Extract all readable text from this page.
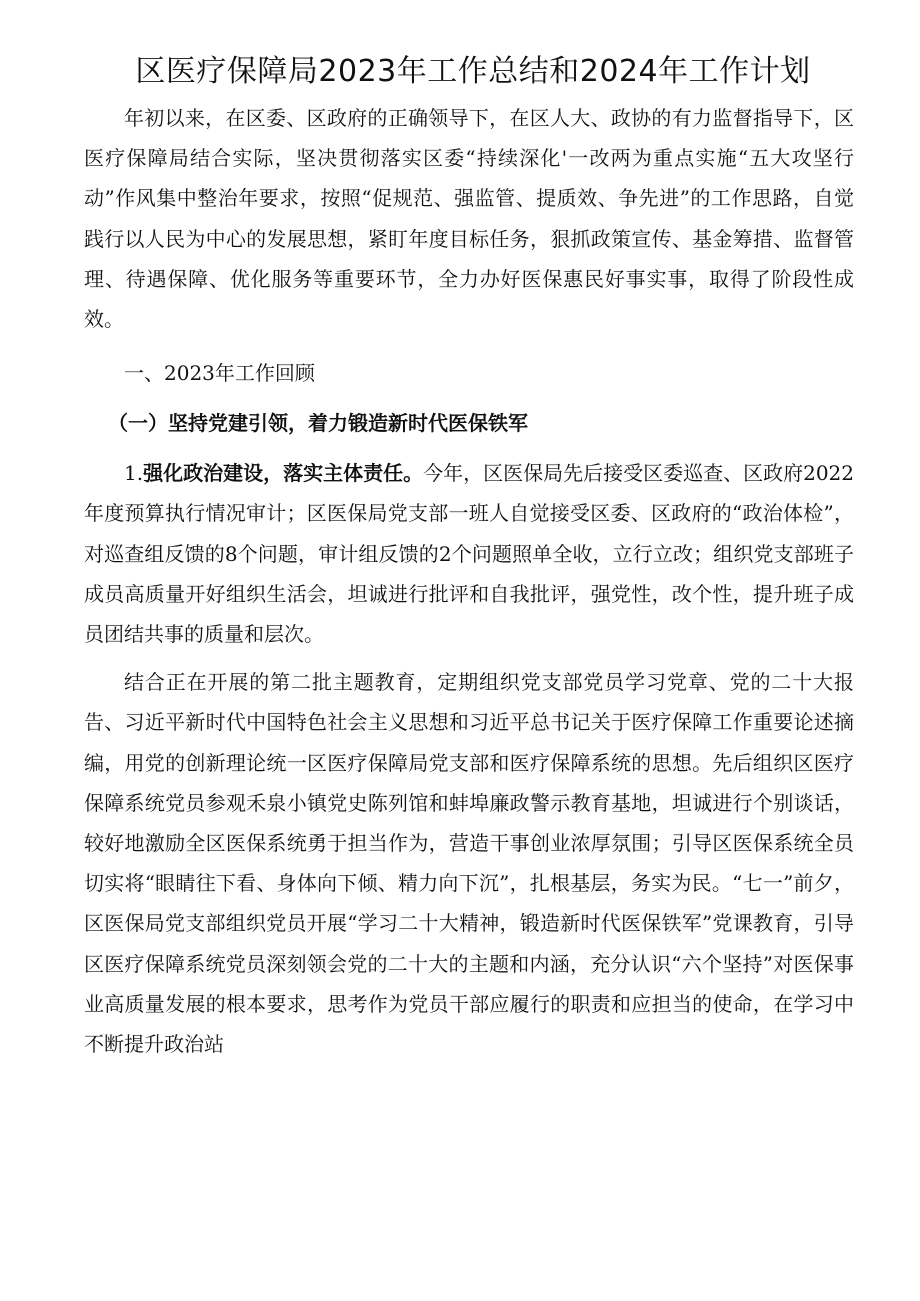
区医疗保障局2023年工作总结和2024年工作计划

年初以来，在区委、区政府的正确领导下，在区人大、政协的有力监督指导下，区医疗保障局结合实际，坚决贯彻落实区委“持续深化'一改两为重点实施“五大攻坚行动”作风集中整治年要求，按照“促规范、强监管、提质效、争先进”的工作思路，自觉践行以人民为中心的发展思想，紧盯年度目标任务，狠抓政策宣传、基金筹措、监督管理、待遇保障、优化服务等重要环节，全力办好医保惠民好事实事，取得了阶段性成效。

一、2023年工作回顾
（一）坚持党建引领，着力锻造新时代医保铁军

1.强化政治建设，落实主体责任。今年，区医保局先后接受区委巡查、区政府2022年度预算执行情况审计；区医保局党支部一班人自觉接受区委、区政府的“政治体检”，对巡查组反馈的8个问题，审计组反馈的2个问题照单全收，立行立改；组织党支部班子成员高质量开好组织生活会，坦诚进行批评和自我批评，强党性，改个性，提升班子成员团结共事的质量和层次。

结合正在开展的第二批主题教育，定期组织党支部党员学习党章、党的二十大报告、习近平新时代中国特色社会主义思想和习近平总书记关于医疗保障工作重要论述摘编，用党的创新理论统一区医疗保障局党支部和医疗保障系统的思想。先后组织区医疗保障系统党员参观禾泉小镇党史陈列馆和蚌埠廉政警示教育基地，坦诚进行个别谈话，较好地激励全区医保系统勇于担当作为，营造干事创业浓厚氛围；引导区医保系统全员切实将“眼睛往下看、身体向下倾、精力向下沉”，扎根基层，务实为民。“七一”前夕，区医保局党支部组织党员开展“学习二十大精神，锻造新时代医保铁军”党课教育，引导区医疗保障系统党员深刻领会党的二十大的主题和内涵，充分认识“六个坚持”对医保事业高质量发展的根本要求，思考作为党员干部应履行的职责和应担当的使命，在学习中不断提升政治站
